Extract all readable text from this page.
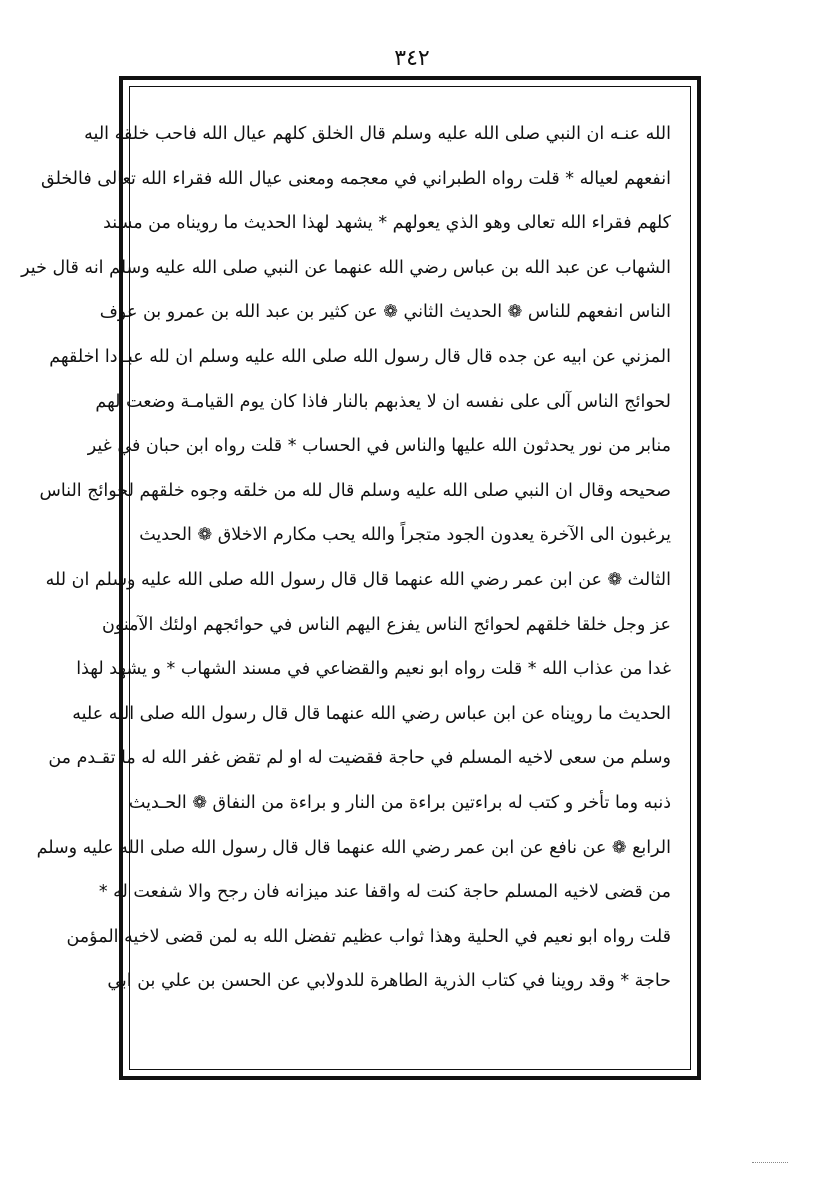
٣٤٢
الله عنـه ان النبي صلى الله عليه وسلم قال الخلق كلهم عيال الله فاحب خلقه اليه
انفعهم لعياله * قلت رواه الطبراني في معجمه ومعنى عيال الله فقراء الله تعالى فالخلق
كلهم فقراء الله تعالى وهو الذي يعولهم * يشهد لهذا الحديث ما رويناه من مسند
الشهاب عن عبد الله بن عباس رضي الله عنهما عن النبي صلى الله عليه وسلم انه قال خير
الناس انفعهم للناس ❁ الحديث الثاني ❁ عن كثير بن عبد الله بن عمرو بن عوف
المزني عن ابيه عن جده قال قال رسول الله صلى الله عليه وسلم ان لله عبـادا اخلقهم
لحوائج الناس آلى على نفسه ان لا يعذبهم بالنار فاذا كان يوم القيامـة وضعت لهم
منابر من نور يحدثون الله عليها والناس في الحساب * قلت رواه ابن حبان في غير
صحيحه وقال ان النبي صلى الله عليه وسلم قال لله من خلقه وجوه خلقهم لحوائج الناس
يرغبون الى الآخرة يعدون الجود متجراً والله يحب مكارم الاخلاق ❁ الحديث
الثالث ❁ عن ابن عمر رضي الله عنهما قال قال رسول الله صلى الله عليه وسلم ان لله
عز وجل خلقا خلقهم لحوائج الناس يفزع اليهم الناس في حوائجهم اولئك الآمنون
غدا من عذاب الله * قلت رواه ابو نعيم والقضاعي في مسند الشهاب * و يشهد لهذا
الحديث ما رويناه عن ابن عباس رضي الله عنهما قال قال رسول الله صلى الله عليه
وسلم من سعى لاخيه المسلم في حاجة فقضيت له او لم تقض غفر الله له ما تقـدم من
ذنبه وما تأخر و كتب له براءتين براءة من النار و براءة من النفاق ❁ الحـديث
الرابع ❁ عن نافع عن ابن عمر رضي الله عنهما قال قال رسول الله صلى الله عليه وسلم
من قضى لاخيه المسلم حاجة كنت له واقفا عند ميزانه فان رجح والا شفعت له *
قلت رواه ابو نعيم في الحلية وهذا ثواب عظيم تفضل الله به لمن قضى لاخيه المؤمن
حاجة * وقد روينا في كتاب الذرية الطاهرة للدولابي عن الحسن بن علي بن ابي
